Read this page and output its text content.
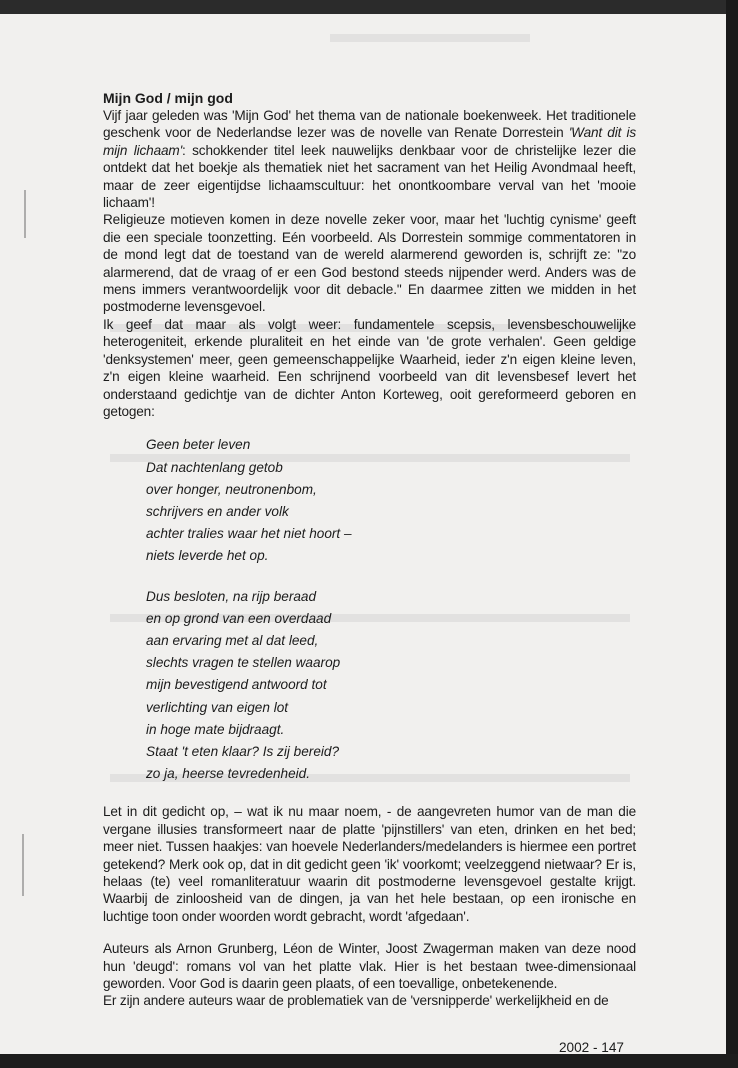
Mijn God / mijn god

Vijf jaar geleden was 'Mijn God' het thema van de nationale boekenweek. Het traditionele geschenk voor de Nederlandse lezer was de novelle van Renate Dorrestein 'Want dit is mijn lichaam': schokkender titel leek nauwelijks denkbaar voor de christelijke lezer die ontdekt dat het boekje als thematiek niet het sacrament van het Heilig Avondmaal heeft, maar de zeer eigentijdse lichaamscultuur: het onontkoombare verval van het 'mooie lichaam'!

Religieuze motieven komen in deze novelle zeker voor, maar het 'luchtig cynisme' geeft die een speciale toonzetting. Eén voorbeeld. Als Dorrestein sommige commentatoren in de mond legt dat de toestand van de wereld alarmerend geworden is, schrijft ze: "zo alarmerend, dat de vraag of er een God bestond steeds nijpender werd. Anders was de mens immers verantwoordelijk voor dit debacle." En daarmee zitten we midden in het postmoderne levensgevoel.

Ik geef dat maar als volgt weer: fundamentele scepsis, levensbeschouwelijke heterogeniteit, erkende pluraliteit en het einde van 'de grote verhalen'. Geen geldige 'denksystemen' meer, geen gemeenschappelijke Waarheid, ieder z'n eigen kleine leven, z'n eigen kleine waarheid. Een schrijnend voorbeeld van dit levensbesef levert het onderstaand gedichtje van de dichter Anton Korteweg, ooit gereformeerd geboren en getogen:

Geen beter leven
Dat nachtenlang getob
over honger, neutronenbom,
schrijvers en ander volk
achter tralies waar het niet hoort –
niets leverde het op.
Dus besloten, na rijp beraad
en op grond van een overdaad
aan ervaring met al dat leed,
slechts vragen te stellen waarop
mijn bevestigend antwoord tot
verlichting van eigen lot
in hoge mate bijdraagt.
Staat 't eten klaar? Is zij bereid?
zo ja, heerse tevredenheid.

Let in dit gedicht op, – wat ik nu maar noem, - de aangevreten humor van de man die vergane illusies transformeert naar de platte 'pijnstillers' van eten, drinken en het bed; meer niet. Tussen haakjes: van hoevele Nederlanders/medelanders is hiermee een portret getekend? Merk ook op, dat in dit gedicht geen 'ik' voorkomt; veelzeggend nietwaar? Er is, helaas (te) veel romanliteratuur waarin dit postmoderne levensgevoel gestalte krijgt. Waarbij de zinloosheid van de dingen, ja van het hele bestaan, op een ironische en luchtige toon onder woorden wordt gebracht, wordt 'afgedaan'.

Auteurs als Arnon Grunberg, Léon de Winter, Joost Zwagerman maken van deze nood hun 'deugd': romans vol van het platte vlak. Hier is het bestaan twee-dimensionaal geworden. Voor God is daarin geen plaats, of een toevallige, onbetekenende.

Er zijn andere auteurs waar de problematiek van de 'versnipperde' werkelijkheid en de

2002 - 147
